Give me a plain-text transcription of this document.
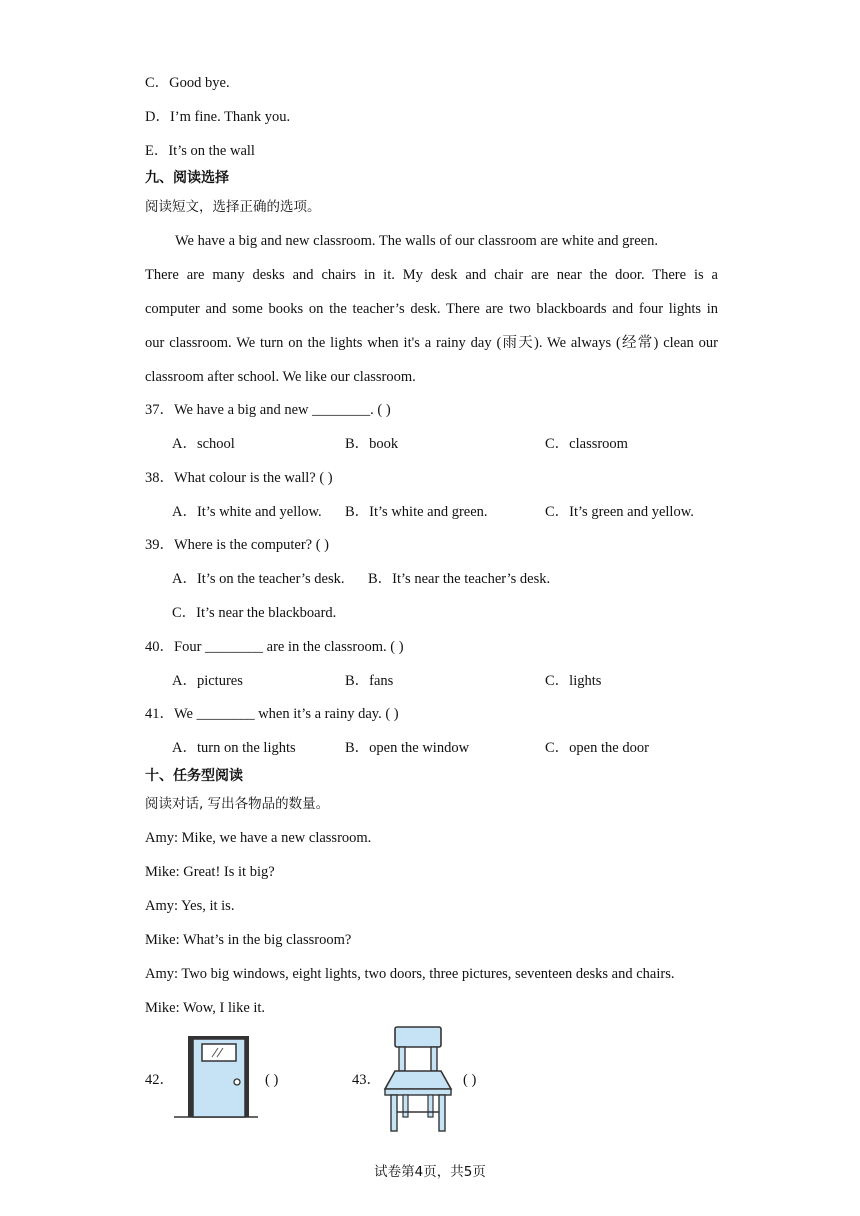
C．Good bye.
D．I’m fine. Thank you.
E．It’s on the wall
九、阅读选择
阅读短文，选择正确的选项。
We have a big and new classroom. The walls of our classroom are white and green.
There are many desks and chairs in it. My desk and chair are near the door. There is a
computer and some books on the teacher’s desk. There are two blackboards and four lights in
our classroom. We turn on the lights when it's a rainy day (雨天). We always (经常) clean our
classroom after school. We like our classroom.
37．We have a big and new ________. ( )
A．school	B．book	C．classroom
38．What colour is the wall? ( )
A．It’s white and yellow. B．It’s white and green.	C．It’s green and yellow.
39．Where is the computer? ( )
A．It’s on the teacher’s desk. B．It’s near the teacher’s desk.
C．It’s near the blackboard.
40．Four ________ are in the classroom. ( )
A．pictures	B．fans	C．lights
41．We ________ when it’s a rainy day. ( )
A．turn on the lights	B．open the window	C．open the door
十、任务型阅读
阅读对话, 写出各物品的数量。
Amy: Mike, we have a new classroom.
Mike: Great! Is it big?
Amy: Yes, it is.
Mike: What’s in the big classroom?
Amy: Two big windows, eight lights, two doors, three pictures, seventeen desks and chairs.
Mike: Wow, I like it.
42．	( )	43．	( )
试卷第4页，共5页
